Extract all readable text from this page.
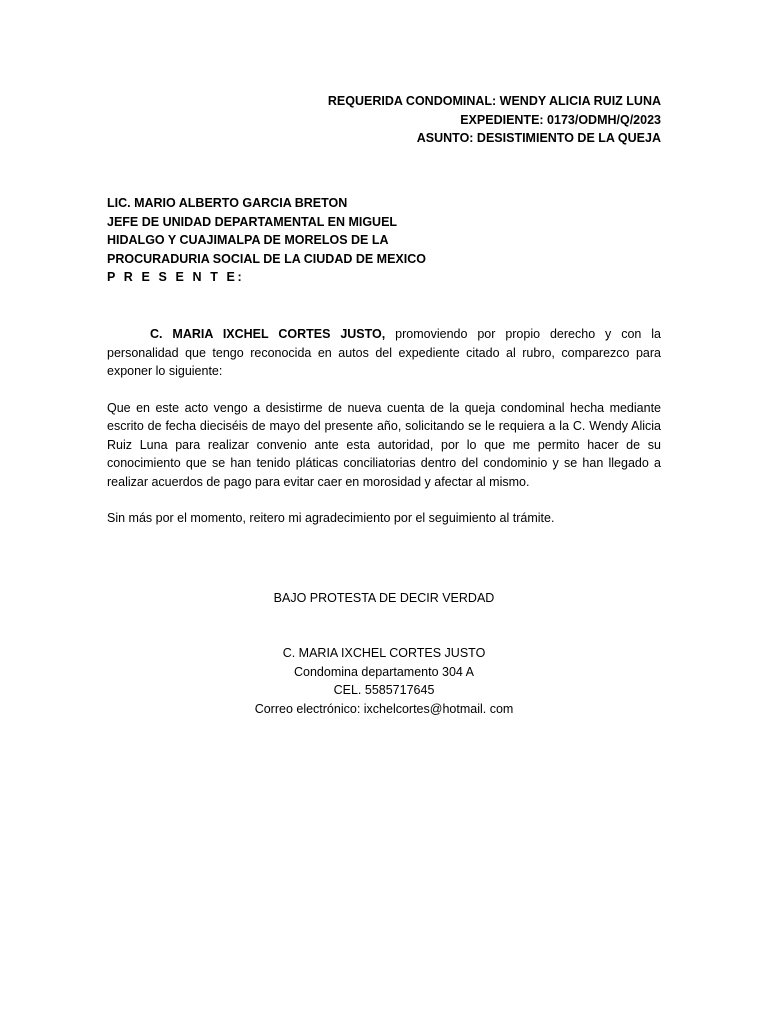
REQUERIDA CONDOMINAL: WENDY ALICIA RUIZ LUNA
EXPEDIENTE: 0173/ODMH/Q/2023
ASUNTO: DESISTIMIENTO DE LA QUEJA
LIC. MARIO ALBERTO GARCIA BRETON
JEFE DE UNIDAD DEPARTAMENTAL EN MIGUEL
HIDALGO Y CUAJIMALPA DE MORELOS DE LA
PROCURADURIA SOCIAL DE LA CIUDAD DE MEXICO
P R E S E N T E:

C. MARIA IXCHEL CORTES JUSTO, promoviendo por propio derecho y con la personalidad que tengo reconocida en autos del expediente citado al rubro, comparezco para exponer lo siguiente:

Que en este acto vengo a desistirme de nueva cuenta de la queja condominal hecha mediante escrito de fecha dieciséis de mayo del presente año, solicitando se le requiera a la C. Wendy Alicia Ruiz Luna para realizar convenio ante esta autoridad, por lo que me permito hacer de su conocimiento que se han tenido pláticas conciliatorias dentro del condominio y se han llegado a realizar acuerdos de pago para evitar caer en morosidad y afectar al mismo.

Sin más por el momento, reitero mi agradecimiento por el seguimiento al trámite.

BAJO PROTESTA DE DECIR VERDAD
C. MARIA IXCHEL CORTES JUSTO
Condomina departamento 304 A
CEL. 5585717645
Correo electrónico: ixchelcortes@hotmail. com
